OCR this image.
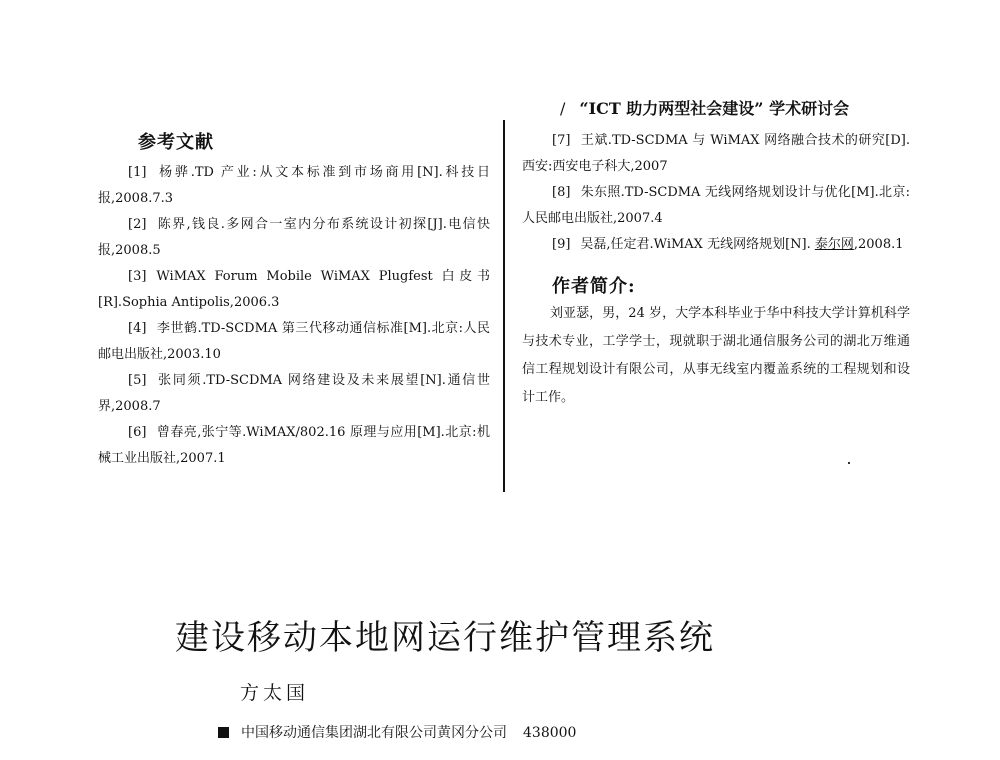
/ “ICT 助力两型社会建设” 学术研讨会
参考文献
[1] 杨骅.TD 产业:从文本标准到市场商用[N].科技日报,2008.7.3
[2] 陈界,钱良.多网合一室内分布系统设计初探[J].电信快报,2008.5
[3] WiMAX Forum Mobile WiMAX Plugfest 白皮书[R].Sophia Antipolis,2006.3
[4] 李世鹤.TD-SCDMA 第三代移动通信标准[M].北京:人民邮电出版社,2003.10
[5] 张同须.TD-SCDMA 网络建设及未来展望[N].通信世界,2008.7
[6] 曾春亮,张宁等.WiMAX/802.16 原理与应用[M].北京:机械工业出版社,2007.1
[7] 王斌.TD-SCDMA 与 WiMAX 网络融合技术的研究[D].西安:西安电子科大,2007
[8] 朱东照.TD-SCDMA 无线网络规划设计与优化[M].北京:人民邮电出版社,2007.4
[9] 吴磊,任定君.WiMAX 无线网络规划[N]. 泰尔网,2008.1
作者简介:

刘亚瑟，男，24 岁，大学本科毕业于华中科技大学计算机科学与技术专业，工学学士，现就职于湖北通信服务公司的湖北万维通信工程规划设计有限公司，从事无线室内覆盖系统的工程规划和设计工作。

建设移动本地网运行维护管理系统
方太国
中国移动通信集团湖北有限公司黄冈分公司 438000
